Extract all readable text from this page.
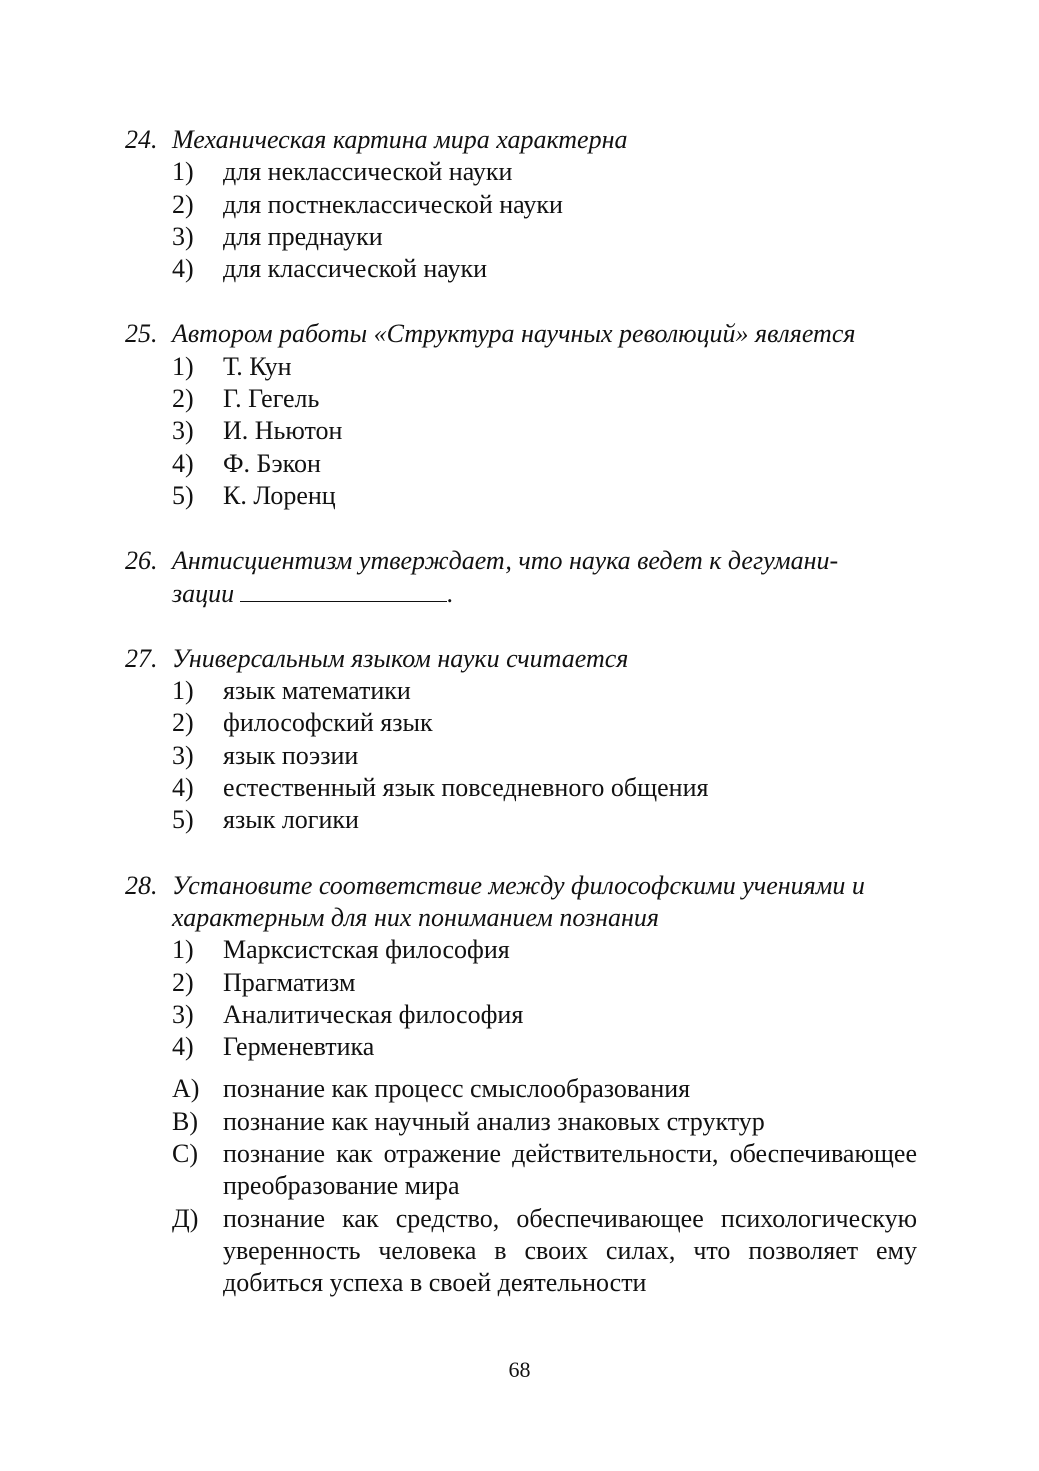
24. Механическая картина мира характерна
1)	для неклассической науки
2)	для постнеклассической науки
3)	для преднауки
4)	для классической науки
25. Автором работы «Структура научных революций» является
1)	Т. Кун
2)	Г. Гегель
3)	И. Ньютон
4)	Ф. Бэкон
5)	К. Лоренц
26. Антисциентизм утверждает, что наука ведет к дегумани-
зации	.
27. Универсальным языком науки считается
1)	язык математики
2)	философский язык
3)	язык поэзии
4)	естественный язык повседневного общения
5)	язык логики
28. Установите соответствие между философскими учениями и
характерным для них пониманием познания
1)	Марксистская философия
2)	Прагматизм
3)	Аналитическая философия
4)	Герменевтика
А) познание как процесс смыслообразования
В) познание как научный анализ знаковых структур
С) познание как отражение действительности, обеспечивающее преобразование мира
Д) познание как средство, обеспечивающее психологическую уверенность человека в своих силах, что позволяет ему добиться успеха в своей деятельности
68
